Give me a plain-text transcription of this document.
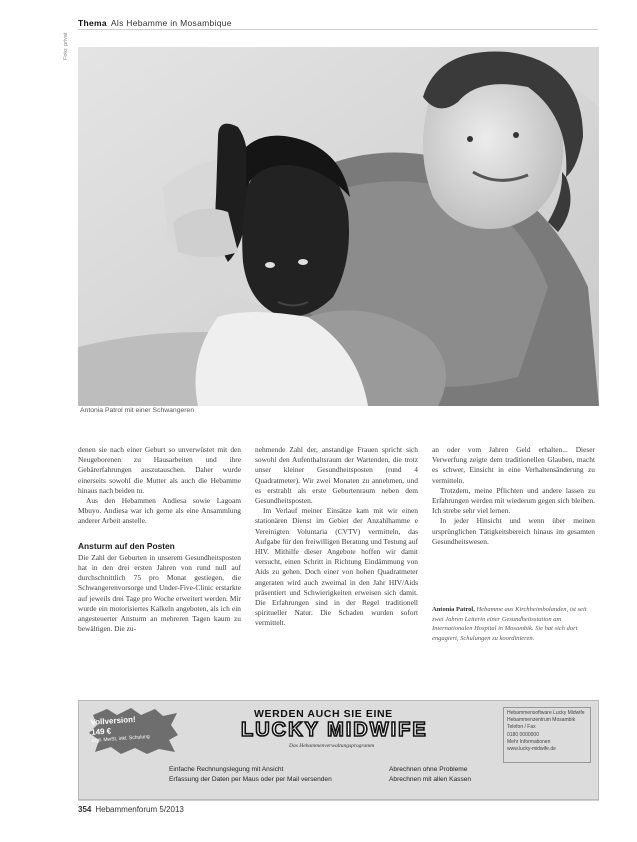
Thema Als Hebamme in Mosambique
Foto: privat
Antonia Patrol mit einer Schwangeren

denen sie nach einer Geburt so unverwüstet mit den Neugeborenen zu Hausarbeiten und ihre Gebärerfahrungen auszutauschen. Daher wurde einerseits sowohl die Mutter als auch die Hebamme hinaus nach beiden tu.

Aus den Hebammen Andiesa sowie Lagoam Mbuyo. Andiesa war ich gerne als eine Ansammlung anderer Arbeit anstelle.

Ansturm auf den Posten

Die Zahl der Geburten in unserem Gesundheitsposten hat in den drei ersten Jahren von rund null auf durchschnittlich 75 pro Monat gestiegen, die Schwangerenvorsorge und Under-Five-Clinic erstarkte auf jeweils drei Tage pro Woche erweitert werden. Mir wurde ein motorisiertes Kalkeln angeboten, als ich ein angesteuerter Ansturm an mehreren Tagen kaum zu bewältigen. Die zu-

nehmende Zahl der, anstandige Frauen spricht sich sowohl den Aufenthaltsraum der Wartenden, die trotz unser kleiner Gesundheitsposten (rund 4 Quadratmeter). Wir zwei Monaten zu annehmen, und es erstrahlt als erste Geburtenraum neben dem Gesundheitsposten.

Im Verlauf meiner Einsätze kam mit wir einen stationären Dienst im Gebiet der Anzahlhamme e Vereinigten Voluntaria (CVTV) vermitteln, das Aufgabe für den freiwilligen Beratung und Testung auf HIV. Mithilfe dieser Angebote hoffen wir damit versucht, einen Schritt in Richtung Eindämmung von Aids zu gehen. Doch einer von hohen Quadratmeter angeraten wird auch zweimal in den Jahr HIV/Aids präsentiert und Schwierigkeiten erweisen sich damit. Die Erfahrungen sind in der Regel traditionell spiritueller Natur. Die Schaden wurden sofort vermittelt.

an oder vom Jahren Geld erhalten... Dieser Verwerfung zeigte dem traditionellen Glauben, macht es schwer, Einsicht in eine Verhaltensänderung zu vermitteln.

Trotzdem, meine Pflichten und andere lassen zu Erfahrungen werden mit wiederum gegen sich bleiben. Ich strebe sehr viel lernen.

In jeder Hinsicht und wenn über meinen ursprünglichen Tätigkeitsbereich hinaus im gesamten Gesundheitswesen.

Antonia Patrol, Hebamme aus Kirchheimbolanden, ist seit zwei Jahren Leiterin einer Gesundheitsstation am Internationalen Hospital in Mosambik. Sie hat sich dort engagiert, Schulungen zu koordinieren.
Vollversion!
149 €
zzgl. MwSt, inkl. Schulung
WERDEN AUCH SIE EINE
LUCKY MIDWIFE
Das Hebammenverwaltungsprogramm
Hebammensoftware Lucky Midwife
Hebammenzentrum Mosambik
Telefon / Fax
0180 0000000
Mehr Informationen
www.lucky-midwife.de
Einfache Rechnungslegung mit Ansicht	Abrechnen ohne Probleme
Erfassung der Daten per Maus oder per Mail versenden	Abrechnen mit allen Kassen
354 Hebammenforum 5/2013
